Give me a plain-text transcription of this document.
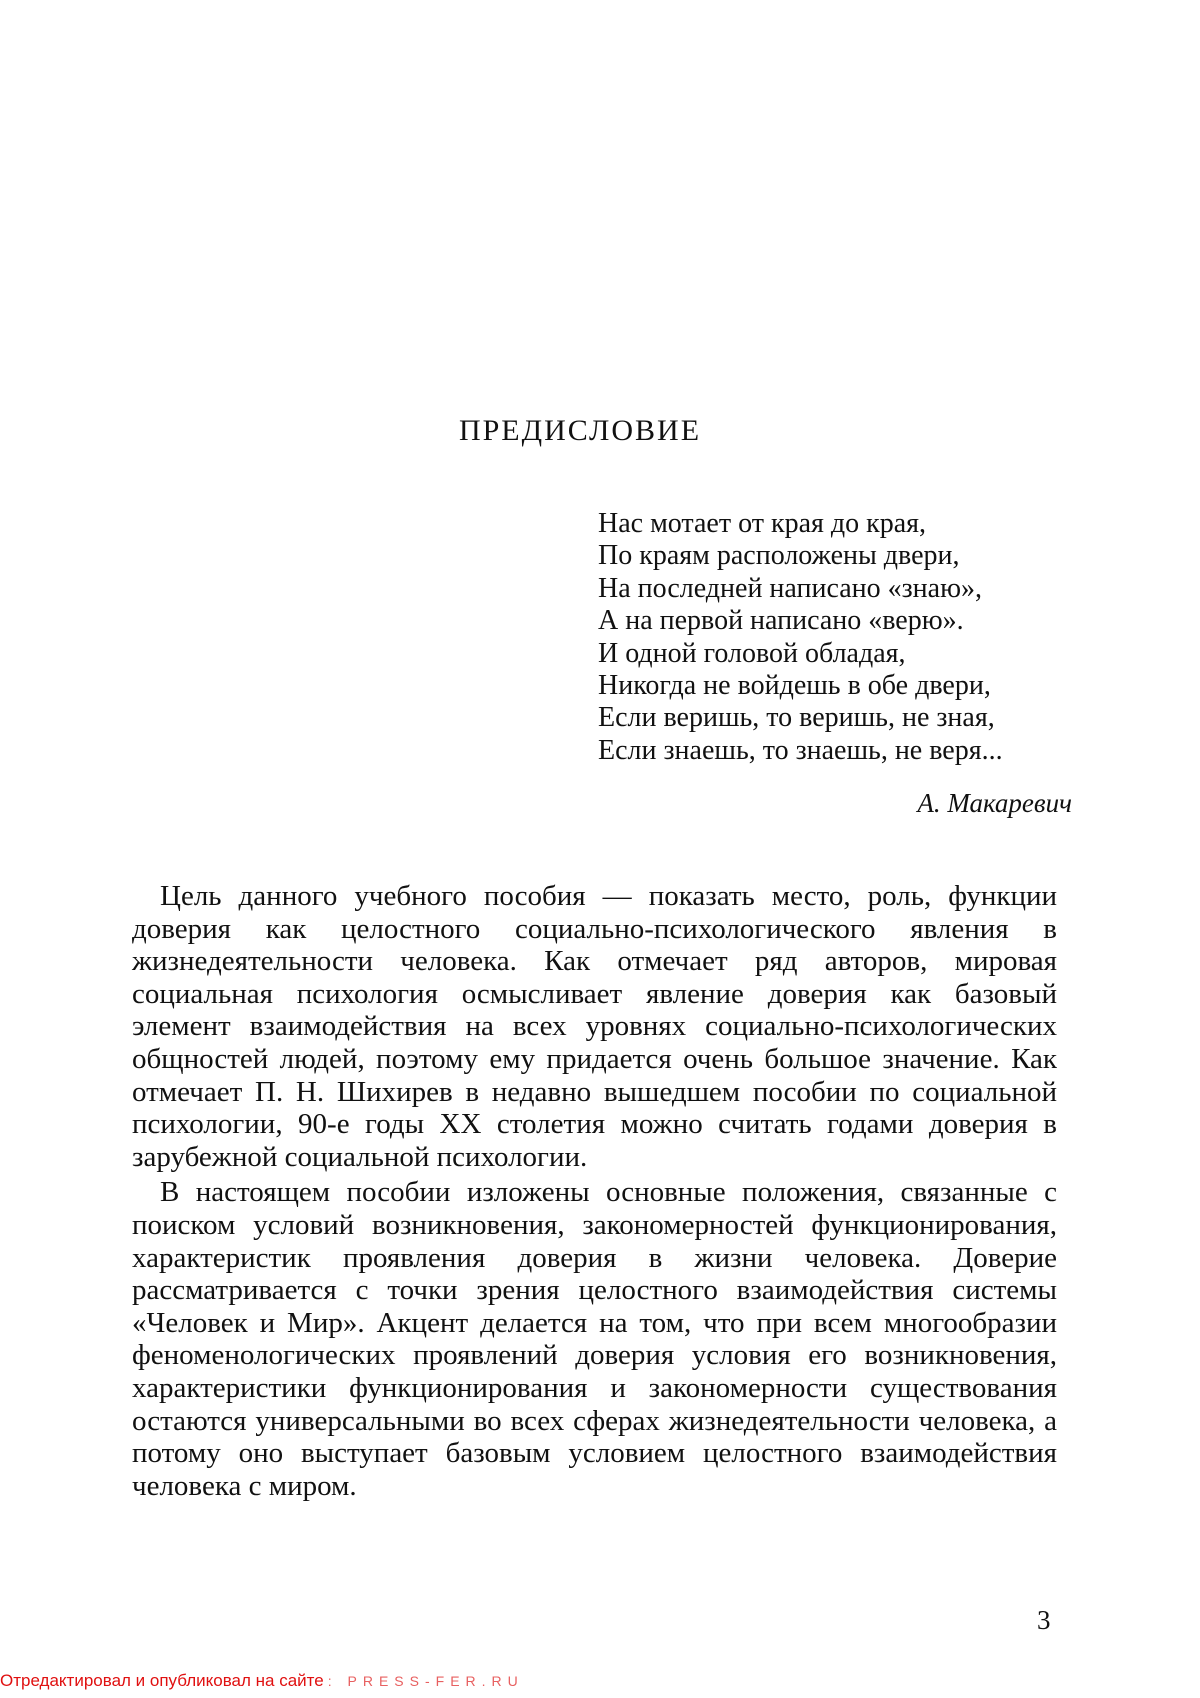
ПРЕДИСЛОВИЕ
Нас мотает от края до края,
По краям расположены двери,
На последней написано «знаю»,
А на первой написано «верю».
И одной головой обладая,
Никогда не войдешь в обе двери,
Если веришь, то веришь, не зная,
Если знаешь, то знаешь, не веря...
А. Макаревич

Цель данного учебного пособия — показать место, роль, функции доверия как целостного социально-психологического явления в жизнедеятельности человека. Как отмечает ряд авторов, мировая социальная психология осмысливает явление доверия как базовый элемент взаимодействия на всех уровнях социально-психологических общностей людей, поэтому ему придается очень большое значение. Как отмечает П. Н. Шихирев в недавно вышедшем пособии по социальной психологии, 90-е годы XX столетия можно считать годами доверия в зарубежной социальной психологии.

В настоящем пособии изложены основные положения, связанные с поиском условий возникновения, закономерностей функционирования, характеристик проявления доверия в жизни человека. Доверие рассматривается с точки зрения целостного взаимодействия системы «Человек и Мир». Акцент делается на том, что при всем многообразии феноменологических проявлений доверия условия его возникновения, характеристики функционирования и закономерности существования остаются универсальными во всех сферах жизнедеятельности человека, а потому оно выступает базовым условием целостного взаимодействия человека с миром.

3
Отредактировал и опубликовал на сайте : PRESS-FER.RU
